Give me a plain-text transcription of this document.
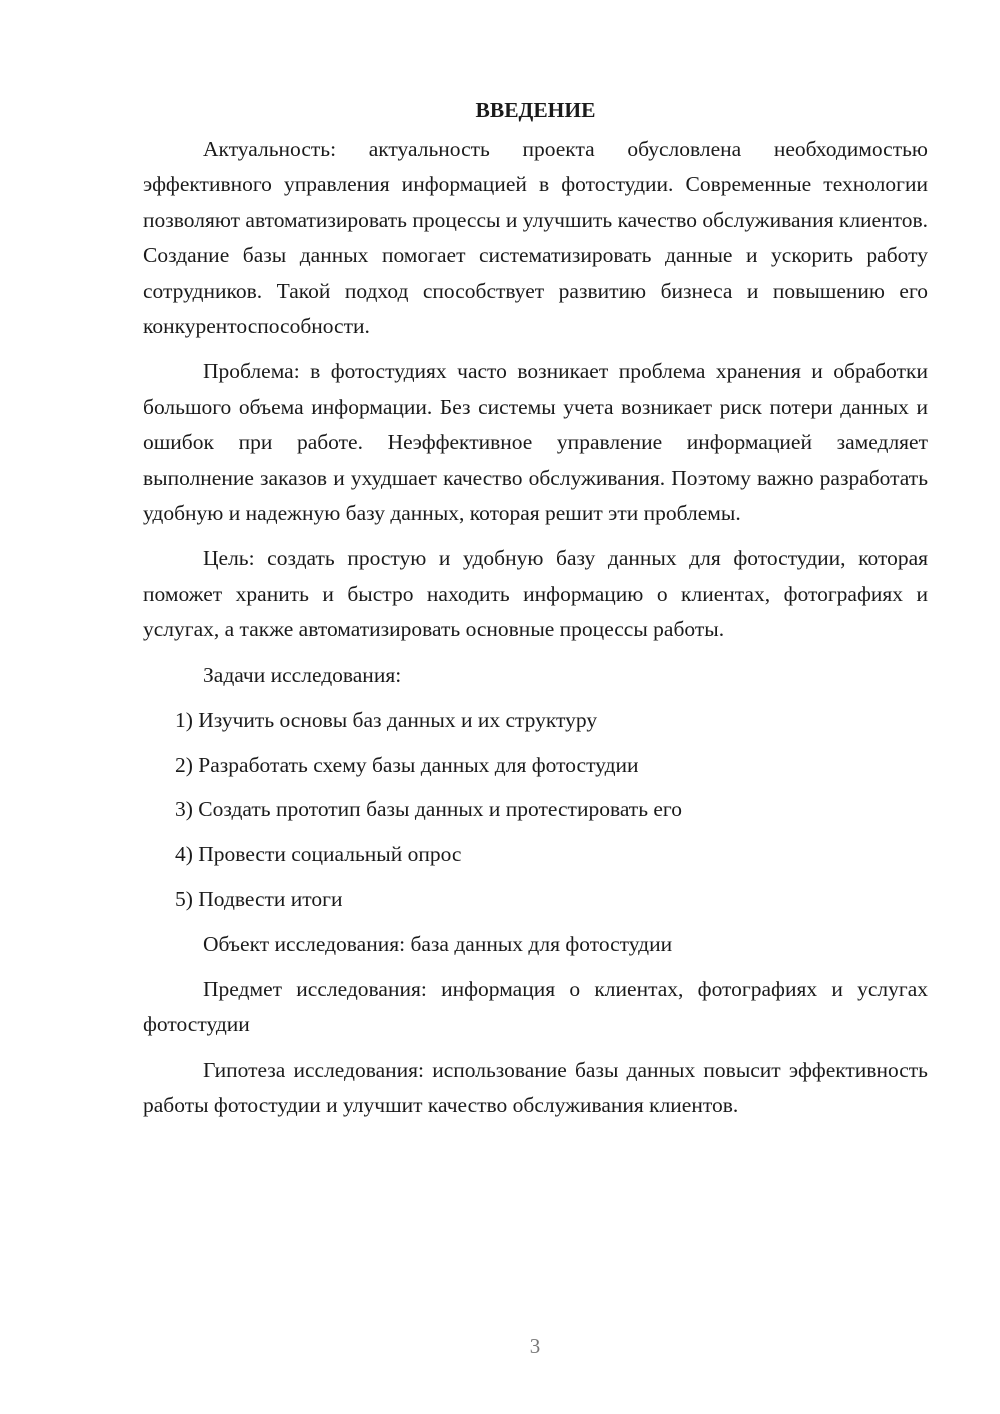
ВВЕДЕНИЕ

Актуальность: актуальность проекта обусловлена необходимостью эффективного управления информацией в фотостудии. Современные технологии позволяют автоматизировать процессы и улучшить качество обслуживания клиентов. Создание базы данных помогает систематизировать данные и ускорить работу сотрудников. Такой подход способствует развитию бизнеса и повышению его конкурентоспособности.

Проблема: в фотостудиях часто возникает проблема хранения и обработки большого объема информации. Без системы учета возникает риск потери данных и ошибок при работе. Неэффективное управление информацией замедляет выполнение заказов и ухудшает качество обслуживания. Поэтому важно разработать удобную и надежную базу данных, которая решит эти проблемы.

Цель: создать простую и удобную базу данных для фотостудии, которая поможет хранить и быстро находить информацию о клиентах, фотографиях и услугах, а также автоматизировать основные процессы работы.

Задачи исследования:

1) Изучить основы баз данных и их структуру

2) Разработать схему базы данных для фотостудии

3) Создать прототип базы данных и протестировать его

4) Провести социальный опрос

5) Подвести итоги

Объект исследования: база данных для фотостудии

Предмет исследования: информация о клиентах, фотографиях и услугах фотостудии

Гипотеза исследования: использование базы данных повысит эффективность работы фотостудии и улучшит качество обслуживания клиентов.

3
